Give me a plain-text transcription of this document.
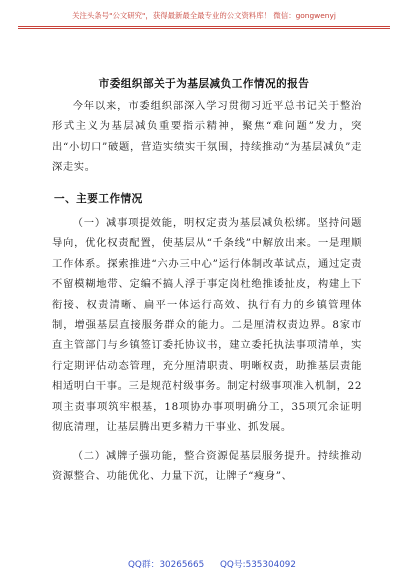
关注头条号"公文研究"，获得最新最全最专业的公文资料库！ 微信：gongwenyj
市委组织部关于为基层减负工作情况的报告

今年以来，市委组织部深入学习贯彻习近平总书记关于整治形式主义为基层减负重要指示精神，聚焦“难问题”发力，突出“小切口”破题，营造实绩实干氛围，持续推动“为基层减负”走深走实。

一、主要工作情况

（一）减事项提效能，明权定责为基层减负松绑。坚持问题导向，优化权责配置，使基层从“千条线”中解放出来。一是理顺工作体系。探索推进“六办三中心”运行体制改革试点，通过定责不留模糊地带、定编不搞人浮于事定岗杜绝推诿扯皮，构建上下衔接、权责清晰、扁平一体运行高效、执行有力的乡镇管理体制，增强基层直接服务群众的能力。二是厘清权责边界。8家市直主管部门与乡镇签订委托协议书，建立委托执法事项清单，实行定期评估动态管理，充分厘清职责、明晰权责，助推基层责能相适明白干事。三是规范村级事务。制定村级事项准入机制，22项主责事项筑牢根基，18项协办事项明确分工，35项冗余证明彻底清理，让基层腾出更多精力干事业、抓发展。

（二）减牌子强功能，整合资源促基层服务提升。持续推动资源整合、功能优化、力量下沉，让牌子“瘦身”、

QQ群：30265665 QQ号:535304092
